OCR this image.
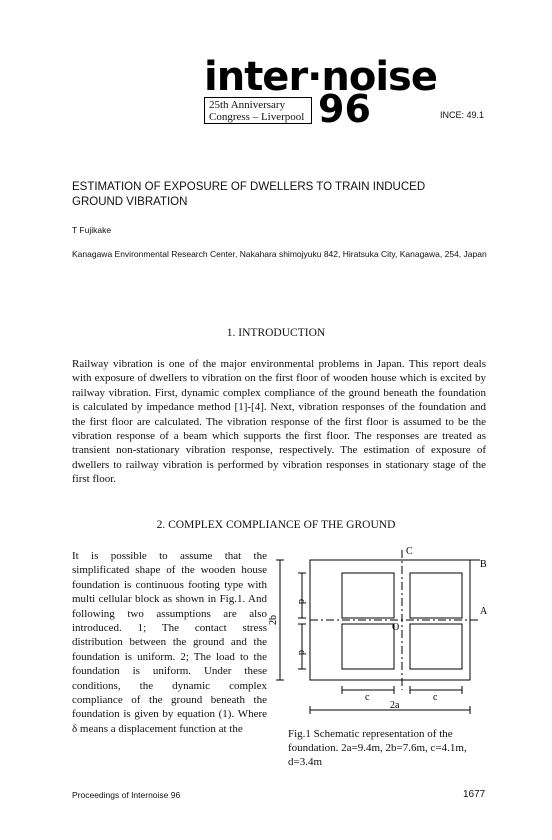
inter·noise
25th Anniversary
Congress – Liverpool 96	INCE: 49.1
ESTIMATION OF EXPOSURE OF DWELLERS TO TRAIN INDUCED GROUND VIBRATION
T Fujikake
Kanagawa Environmental Research Center, Nakahara shimojyuku 842, Hiratsuka City, Kanagawa, 254, Japan
1. INTRODUCTION
Railway vibration is one of the major environmental problems in Japan. This report deals with exposure of dwellers to vibration on the first floor of wooden house which is excited by railway vibration. First, dynamic complex compliance of the ground beneath the foundation is calculated by impedance method [1]-[4]. Next, vibration responses of the foundation and the first floor are calculated. The vibration response of the first floor is assumed to be the vibration response of a beam which supports the first floor. The responses are treated as transient non-stationary vibration response, respectively. The estimation of exposure of dwellers to railway vibration is performed by vibration responses in stationary stage of the first floor.
2. COMPLEX COMPLIANCE OF THE GROUND
It is possible to assume that the simplificated shape of the wooden house foundation is continuous footing type with multi cellular block as shown in Fig.1. And following two assumptions are also introduced. 1; The contact stress distribution between the ground and the foundation is uniform. 2; The load to the foundation is uniform. Under these conditions, the dynamic complex compliance of the ground beneath the foundation is given by equation (1). Where δ means a displacement function at the
C
B
A
O
d
d
2b
c	c
2a
Fig.1 Schematic representation of the foundation. 2a=9.4m, 2b=7.6m, c=4.1m, d=3.4m
Proceedings of Internoise 96	1677
